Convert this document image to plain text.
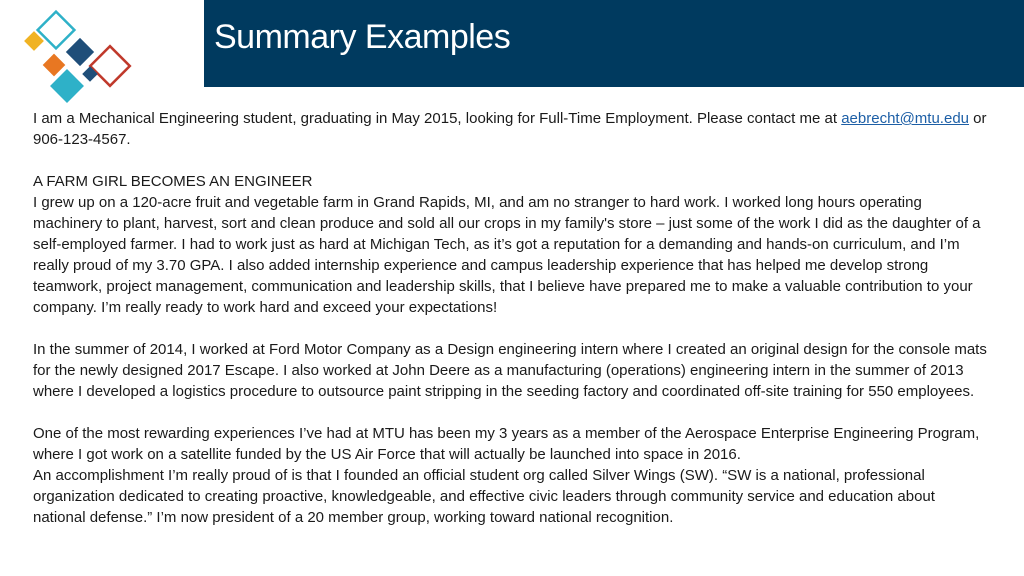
Summary Examples

I am a Mechanical Engineering student, graduating in May 2015, looking for Full-Time Employment. Please contact me at aebrecht@mtu.edu or 906-123-4567.

A FARM GIRL BECOMES AN ENGINEER

I grew up on a 120-acre fruit and vegetable farm in Grand Rapids, MI, and am no stranger to hard work. I worked long hours operating machinery to plant, harvest, sort and clean produce and sold all our crops in my family's store – just some of the work I did as the daughter of a self-employed farmer. I had to work just as hard at Michigan Tech, as it’s got a reputation for a demanding and hands-on curriculum, and I’m really proud of my 3.70 GPA. I also added internship experience and campus leadership experience that has helped me develop strong teamwork, project management, communication and leadership skills, that I believe have prepared me to make a valuable contribution to your company. I’m really ready to work hard and exceed your expectations!

In the summer of 2014, I worked at Ford Motor Company as a Design engineering intern where I created an original design for the console mats for the newly designed 2017 Escape. I also worked at John Deere as a manufacturing (operations) engineering intern in the summer of 2013 where I developed a logistics procedure to outsource paint stripping in the seeding factory and coordinated off-site training for 550 employees.

One of the most rewarding experiences I’ve had at MTU has been my 3 years as a member of the Aerospace Enterprise Engineering Program, where I got work on a satellite funded by the US Air Force that will actually be launched into space in 2016.

An accomplishment I’m really proud of is that I founded an official student org called Silver Wings (SW). “SW is a national, professional organization dedicated to creating proactive, knowledgeable, and effective civic leaders through community service and education about national defense.” I’m now president of a 20 member group, working toward national recognition.
